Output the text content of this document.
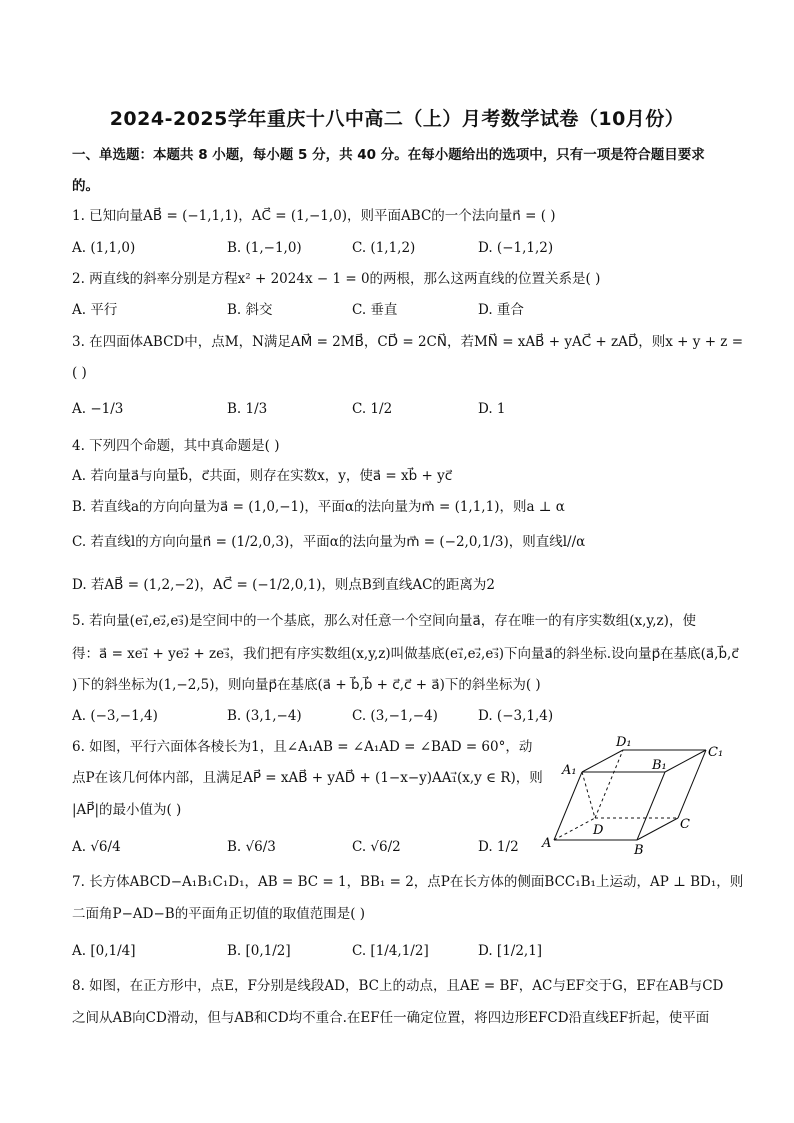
2024-2025学年重庆十八中高二（上）月考数学试卷（10月份）
一、单选题：本题共 8 小题，每小题 5 分，共 40 分。在每小题给出的选项中，只有一项是符合题目要求
的。
1. 已知向量AB⃗ = (−1,1,1)，AC⃗ = (1,−1,0)，则平面ABC的一个法向量n⃗ = ( )
A. (1,1,0)	B. (1,−1,0)	C. (1,1,2)	D. (−1,1,2)
2. 两直线的斜率分别是方程x² + 2024x − 1 = 0的两根，那么这两直线的位置关系是( )
A. 平行	B. 斜交	C. 垂直	D. 重合
3. 在四面体ABCD中，点M，N满足AM⃗ = 2MB⃗，CD⃗ = 2CN⃗，若MN⃗ = xAB⃗ + yAC⃗ + zAD⃗，则x + y + z =
( )
A. −1/3	B. 1/3	C. 1/2	D. 1
4. 下列四个命题，其中真命题是( )
A. 若向量a⃗与向量b⃗，c⃗共面，则存在实数x，y，使a⃗ = xb⃗ + yc⃗
B. 若直线a的方向向量为a⃗ = (1,0,−1)，平面α的法向量为m⃗ = (1,1,1)，则a ⊥ α
C. 若直线l的方向向量n⃗ = (1/2,0,3)，平面α的法向量为m⃗ = (−2,0,1/3)，则直线l//α
D. 若AB⃗ = (1,2,−2)，AC⃗ = (−1/2,0,1)，则点B到直线AC的距离为2
5. 若向量(e₁⃗,e₂⃗,e₃⃗)是空间中的一个基底，那么对任意一个空间向量a⃗，存在唯一的有序实数组(x,y,z)，使
得：a⃗ = xe₁⃗ + ye₂⃗ + ze₃⃗，我们把有序实数组(x,y,z)叫做基底(e₁⃗,e₂⃗,e₃⃗)下向量a⃗的斜坐标.设向量p⃗在基底(a⃗,b⃗,c⃗
)下的斜坐标为(1,−2,5)，则向量p⃗在基底(a⃗ + b⃗,b⃗ + c⃗,c⃗ + a⃗)下的斜坐标为( )
A. (−3,−1,4)	B. (3,1,−4)	C. (3,−1,−4)	D. (−3,1,4)
6. 如图，平行六面体各棱长为1，且∠A₁AB = ∠A₁AD = ∠BAD = 60°，动
点P在该几何体内部，且满足AP⃗ = xAB⃗ + yAD⃗ + (1−x−y)AA₁⃗(x,y ∈ R)，则
|AP⃗|的最小值为( )
A. √6/4	B. √6/3	C. √6/2	D. 1/2
D₁
C₁
A₁	B₁
D	C
A	B
7. 长方体ABCD−A₁B₁C₁D₁，AB = BC = 1，BB₁ = 2，点P在长方体的侧面BCC₁B₁上运动，AP ⊥ BD₁，则
二面角P−AD−B的平面角正切值的取值范围是( )
A. [0,1/4]	B. [0,1/2]	C. [1/4,1/2]	D. [1/2,1]
8. 如图，在正方形中，点E，F分别是线段AD，BC上的动点，且AE = BF，AC与EF交于G，EF在AB与CD
之间从AB向CD滑动，但与AB和CD均不重合.在EF任一确定位置，将四边形EFCD沿直线EF折起，使平面
